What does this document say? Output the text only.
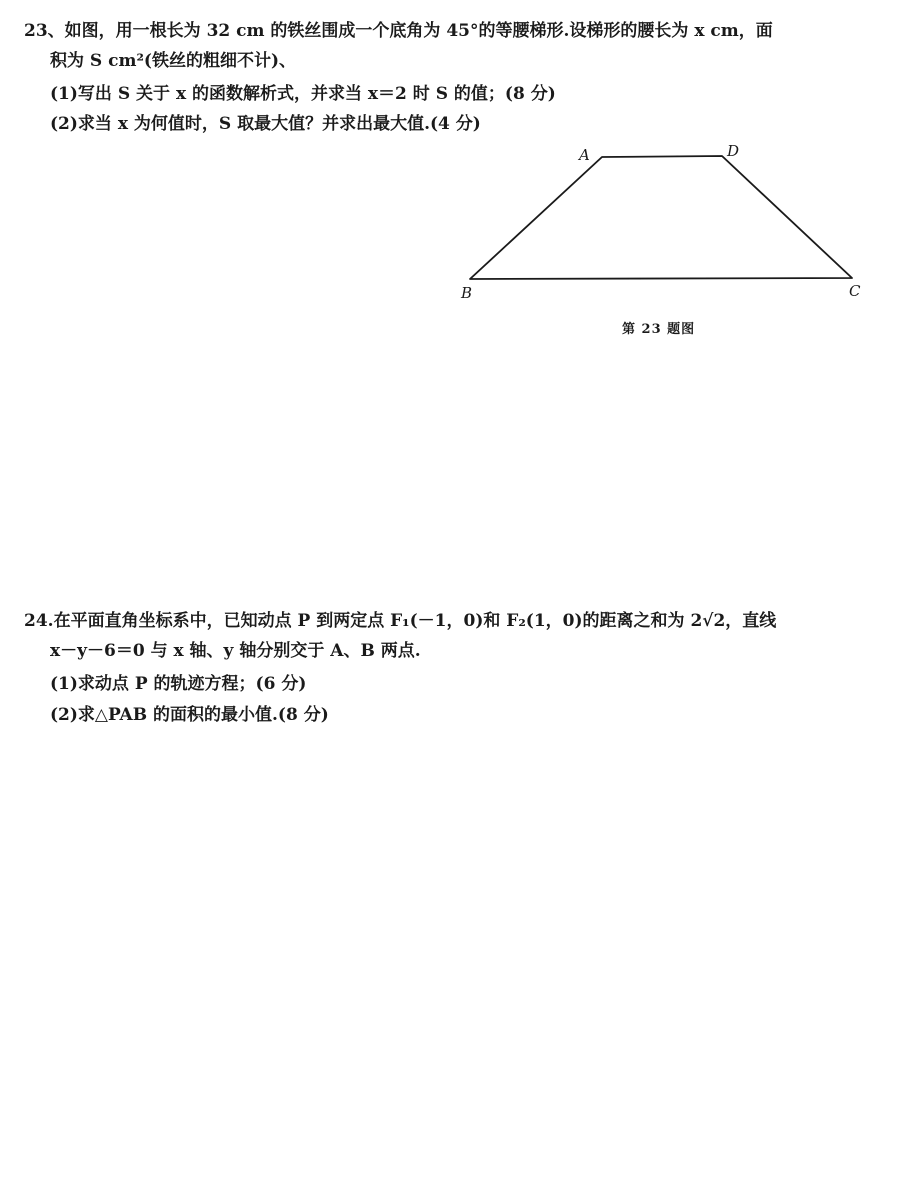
23、如图，用一根长为 32 cm 的铁丝围成一个底角为 45°的等腰梯形.设梯形的腰长为 x cm，面
积为 S cm²(铁丝的粗细不计)、
(1)写出 S 关于 x 的函数解析式，并求当 x＝2 时 S 的值；(8 分)
(2)求当 x 为何值时，S 取最大值？并求出最大值.(4 分)
A	D
B	C
第 23 题图
24.在平面直角坐标系中，已知动点 P 到两定点 F₁(－1，0)和 F₂(1，0)的距离之和为 2√2，直线
x－y－6＝0 与 x 轴、y 轴分别交于 A、B 两点.
(1)求动点 P 的轨迹方程；(6 分)
(2)求△PAB 的面积的最小值.(8 分)
